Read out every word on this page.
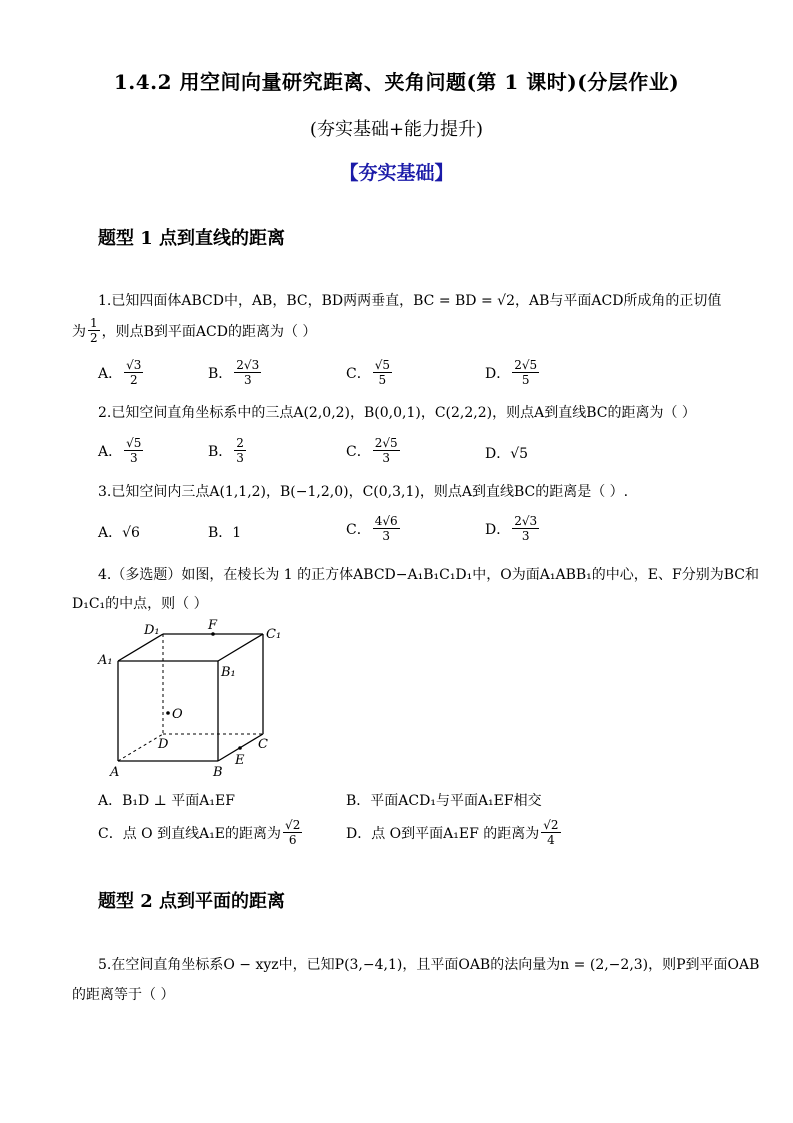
1.4.2 用空间向量研究距离、夹角问题(第 1 课时)(分层作业)
(夯实基础+能力提升)
【夯实基础】
题型 1 点到直线的距离
1.已知四面体ABCD中，AB，BC，BD两两垂直，BC = BD = √2，AB与平面ACD所成角的正切值
为 $\frac{1}{2}$ ，则点B到平面ACD的距离为（ ）
A． $\frac{√3}{2}$	B． $\frac{2√3}{3}$	C． $\frac{√5}{5}$	D． $\frac{2√5}{5}$
2.已知空间直角坐标系中的三点A(2,0,2)，B(0,0,1)，C(2,2,2)，则点A到直线BC的距离为（ ）
A． $\frac{√5}{3}$	B． $\frac{2}{3}$	C． $\frac{2√5}{3}$	D．√5
3.已知空间内三点A(1,1,2)，B(−1,2,0)，C(0,3,1)，则点A到直线BC的距离是（ ）.
A．√6	B．1	C． $\frac{4√6}{3}$	D． $\frac{2√3}{3}$
4.（多选题）如图，在棱长为 1 的正方体ABCD−A₁B₁C₁D₁中，O为面A₁ABB₁的中心，E、F分别为BC和
D₁C₁的中点，则（ ）
D₁	F
C₁
A₁
B₁
O
D	C
E
A	B
A．B₁D ⊥ 平面A₁EF	B．平面ACD₁与平面A₁EF相交
C．点 O 到直线A₁E的距离为 $\frac{√2}{6}$	D．点 O到平面A₁EF 的距离为 $\frac{√2}{4}$
题型 2 点到平面的距离
5.在空间直角坐标系O − xyz中，已知P(3,−4,1)，且平面OAB的法向量为n = (2,−2,3)，则P到平面OAB
的距离等于（ ）
